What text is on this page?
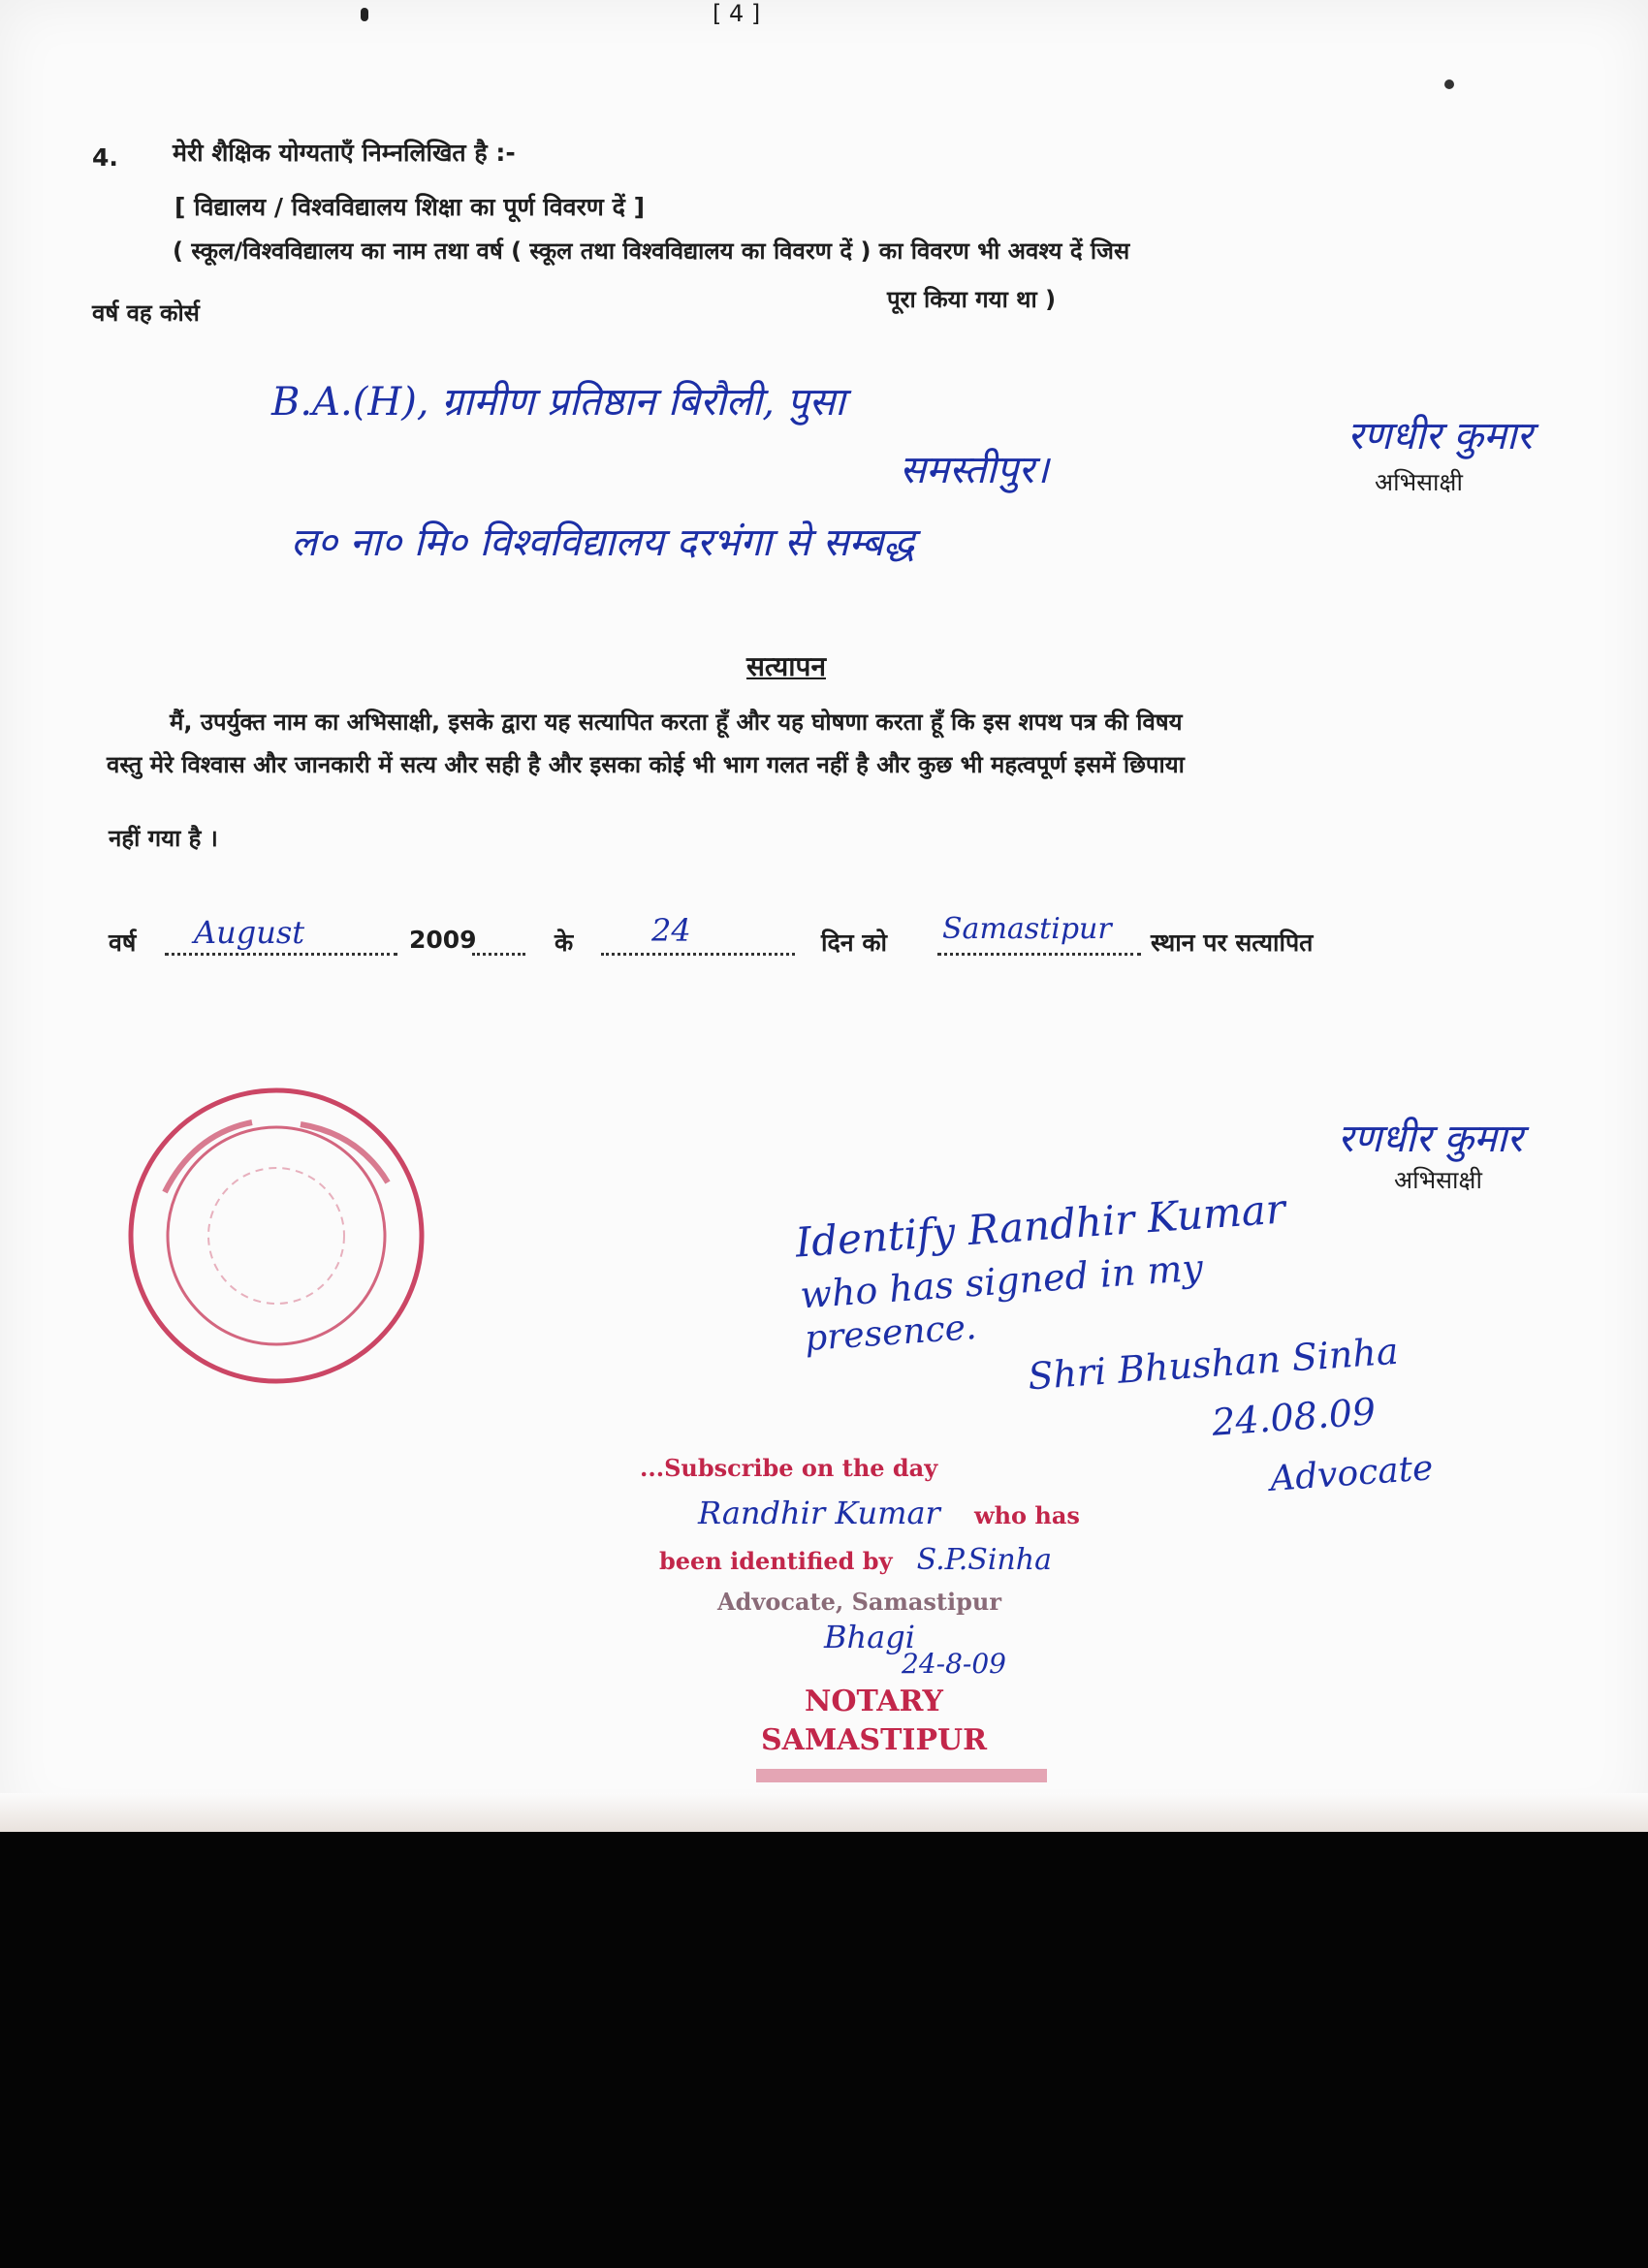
[ 4 ]
4. मेरी शैक्षिक योग्यताएँ निम्नलिखित है :-
[ विद्यालय / विश्वविद्यालय शिक्षा का पूर्ण विवरण दें ]
( स्कूल/विश्वविद्यालय का नाम तथा वर्ष ( स्कूल तथा विश्वविद्यालय का विवरण दें ) का विवरण भी अवश्य दें जिस
वर्ष वह कोर्स	पूरा किया गया था )
B.A.(H), ग्रामीण प्रतिष्ठान बिरौली, पुसा
समस्तीपुर।
ल० ना० मि० विश्वविद्यालय दरभंगा से सम्बद्ध
रणधीर कुमार
अभिसाक्षी
सत्यापन
मैं, उपर्युक्त नाम का अभिसाक्षी, इसके द्वारा यह सत्यापित करता हूँ और यह घोषणा करता हूँ कि इस शपथ पत्र की विषय
वस्तु मेरे विश्वास और जानकारी में सत्य और सही है और इसका कोई भी भाग गलत नहीं है और कुछ भी महत्वपूर्ण इसमें छिपाया
नहीं गया है ।
वर्ष August	2009	के	24	दिन को Samastipur स्थान पर सत्यापित
रणधीर कुमार
अभिसाक्षी
Identify Randhir Kumar
who has signed in my
presence. Shri Bhushan Sinha
24.08.09
Advocate
...Subscribe on the day
Randhir Kumar who has
been identified by S.P.Sinha
Advocate, Samastipur
Bhagi
24-8-09
NOTARY
SAMASTIPUR
